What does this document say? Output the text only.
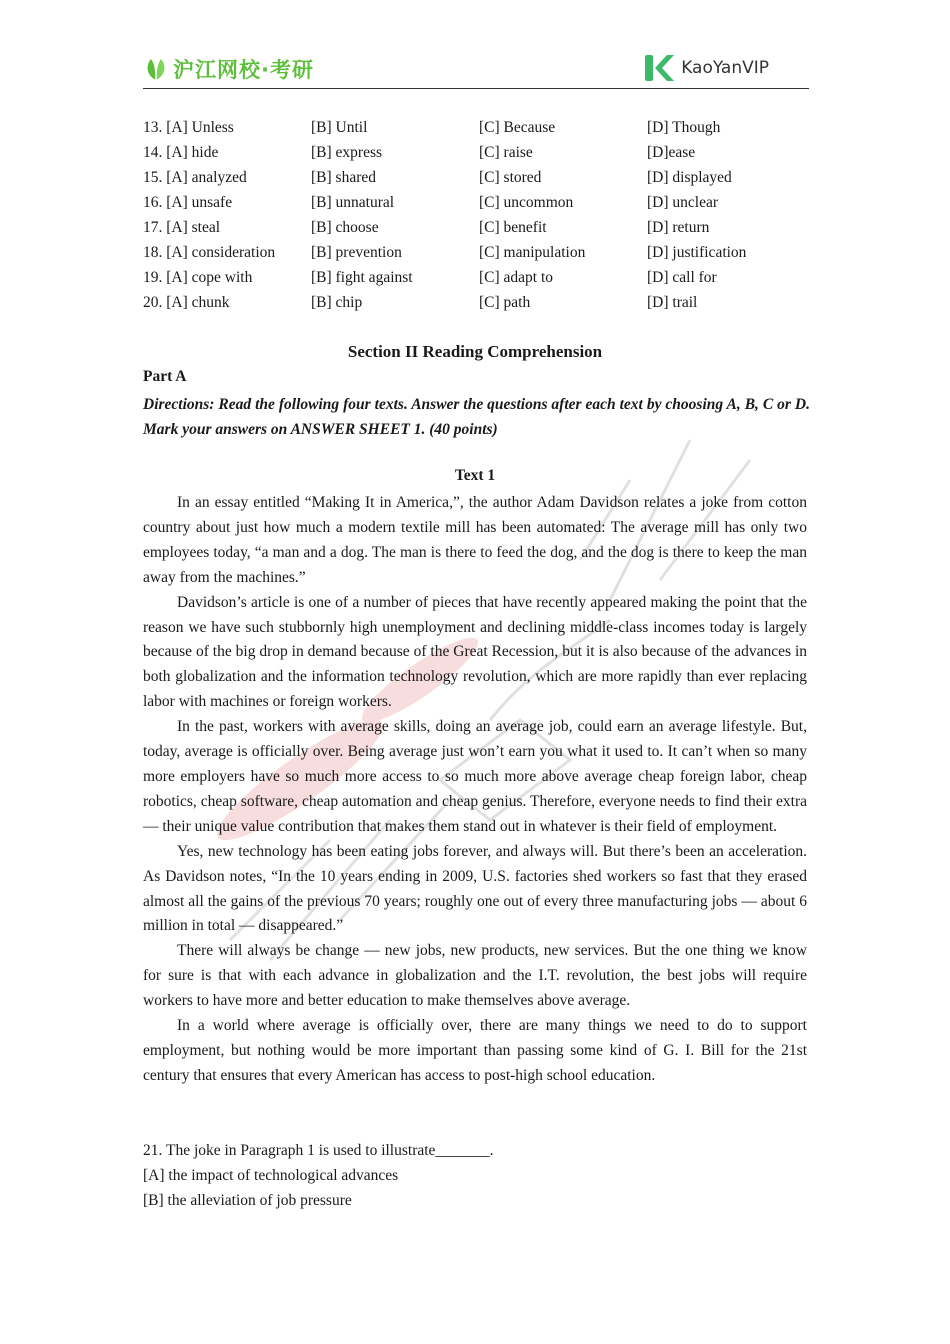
沪江网校·考研	KaoYanVIP
13. [A] Unless	[B] Until	[C] Because	[D] Though
14. [A] hide	[B] express	[C] raise	[D]ease
15. [A] analyzed	[B] shared	[C] stored	[D] displayed
16. [A] unsafe	[B] unnatural	[C] uncommon	[D] unclear
17. [A] steal	[B] choose	[C] benefit	[D] return
18. [A] consideration [B] prevention	[C] manipulation	[D] justification
19. [A] cope with	[B] fight against	[C] adapt to	[D] call for
20. [A] chunk	[B] chip	[C] path	[D] trail
Section II Reading Comprehension
Part A
Directions: Read the following four texts. Answer the questions after each text by choosing A, B, C or D. Mark your answers on ANSWER SHEET 1. (40 points)
Text 1

In an essay entitled “Making It in America,”, the author Adam Davidson relates a joke from cotton country about just how much a modern textile mill has been automated: The average mill has only two employees today, “a man and a dog. The man is there to feed the dog, and the dog is there to keep the man away from the machines.”

Davidson’s article is one of a number of pieces that have recently appeared making the point that the reason we have such stubbornly high unemployment and declining middle-class incomes today is largely because of the big drop in demand because of the Great Recession, but it is also because of the advances in both globalization and the information technology revolution, which are more rapidly than ever replacing labor with machines or foreign workers.

In the past, workers with average skills, doing an average job, could earn an average lifestyle. But, today, average is officially over. Being average just won’t earn you what it used to. It can’t when so many more employers have so much more access to so much more above average cheap foreign labor, cheap robotics, cheap software, cheap automation and cheap genius. Therefore, everyone needs to find their extra — their unique value contribution that makes them stand out in whatever is their field of employment.

Yes, new technology has been eating jobs forever, and always will. But there’s been an acceleration. As Davidson notes, “In the 10 years ending in 2009, U.S. factories shed workers so fast that they erased almost all the gains of the previous 70 years; roughly one out of every three manufacturing jobs — about 6 million in total — disappeared.”

There will always be change — new jobs, new products, new services. But the one thing we know for sure is that with each advance in globalization and the I.T. revolution, the best jobs will require workers to have more and better education to make themselves above average.

In a world where average is officially over, there are many things we need to do to support employment, but nothing would be more important than passing some kind of G. I. Bill for the 21st century that ensures that every American has access to post-high school education.

21. The joke in Paragraph 1 is used to illustrate_______.
[A] the impact of technological advances
[B] the alleviation of job pressure
